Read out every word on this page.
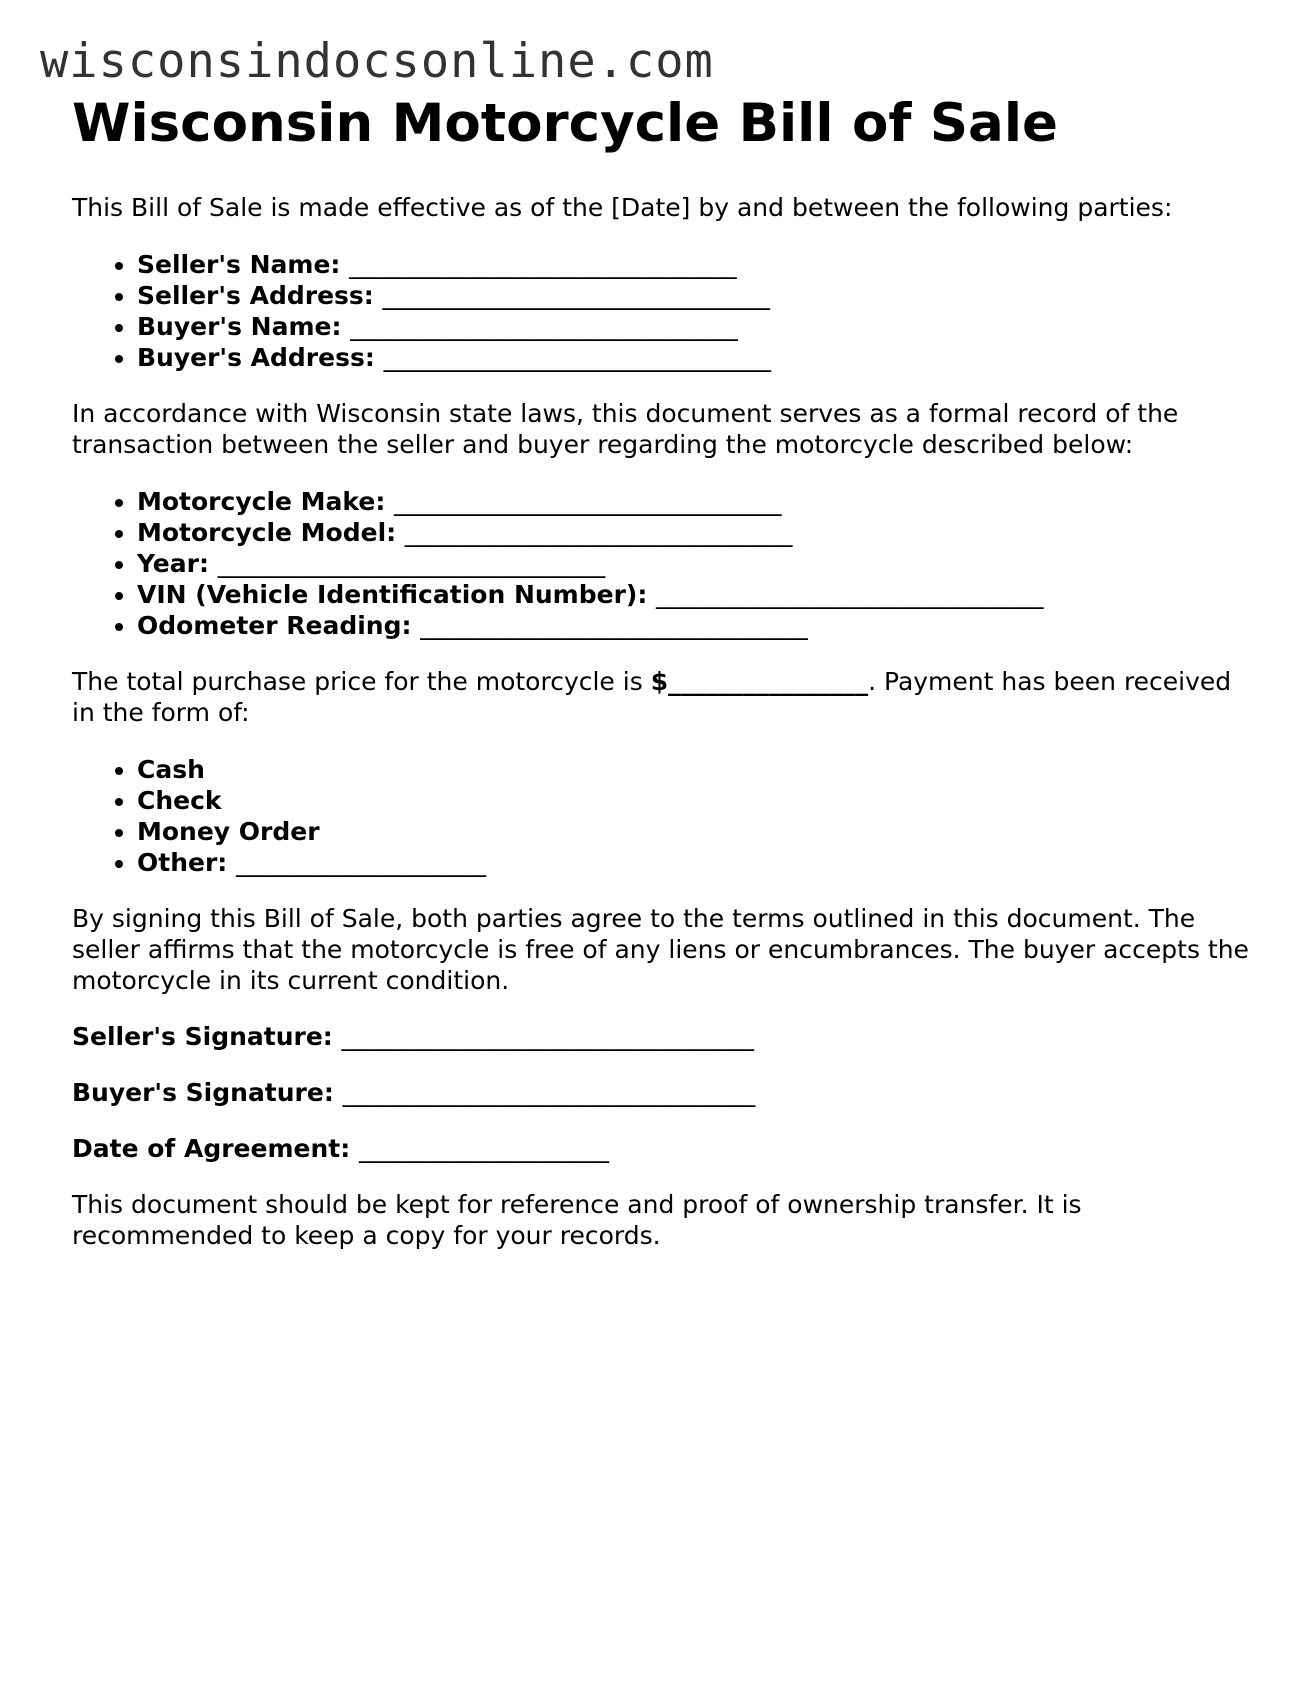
wisconsindocsonline.com
Wisconsin Motorcycle Bill of Sale

This Bill of Sale is made effective as of the [Date] by and between the following parties:

• Seller's Name: _______________________________
• Seller's Address: _______________________________
• Buyer's Name: _______________________________
• Buyer's Address: _______________________________

In accordance with Wisconsin state laws, this document serves as a formal record of the transaction between the seller and buyer regarding the motorcycle described below:

• Motorcycle Make: _______________________________
• Motorcycle Model: _______________________________
• Year: _______________________________
• VIN (Vehicle Identification Number): _______________________________
• Odometer Reading: _______________________________

The total purchase price for the motorcycle is $________________. Payment has been received in the form of:

• Cash
• Check
• Money Order
• Other: ____________________

By signing this Bill of Sale, both parties agree to the terms outlined in this document. The seller affirms that the motorcycle is free of any liens or encumbrances. The buyer accepts the motorcycle in its current condition.

Seller's Signature: _________________________________

Buyer's Signature: _________________________________

Date of Agreement: ____________________

This document should be kept for reference and proof of ownership transfer. It is recommended to keep a copy for your records.
